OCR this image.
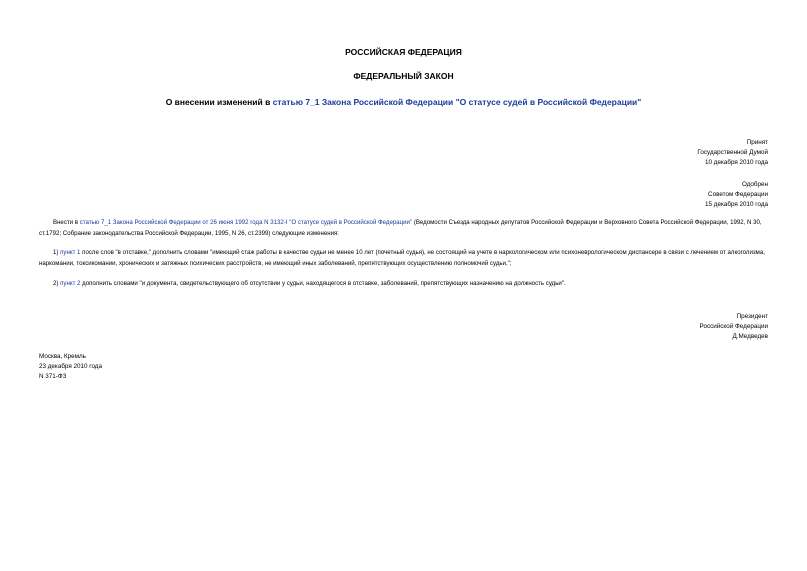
РОССИЙСКАЯ ФЕДЕРАЦИЯ
ФЕДЕРАЛЬНЫЙ ЗАКОН
О внесении изменений в статью 7_1 Закона Российской Федерации "О статусе судей в Российской Федерации"
Принят
Государственной Думой
10 декабря 2010 года
Одобрен
Советом Федерации
15 декабря 2010 года
Внести в статью 7_1 Закона Российской Федерации от 26 июня 1992 года N 3132-I "О статусе судей в Российской Федерации" (Ведомости Съезда народных депутатов Российской Федерации и Верховного Совета Российской Федерации, 1992, N 30, ст.1792; Собрание законодательства Российской Федерации, 1995, N 26, ст.2399) следующие изменения:
1) пункт 1 после слов "в отставке," дополнить словами "имеющий стаж работы в качестве судьи не менее 10 лет (почетный судья), не состоящий на учете в наркологическом или психоневрологическом диспансере в связи с лечением от алкоголизма, наркомании, токсикомании, хронических и затяжных психических расстройств, не имеющий иных заболеваний, препятствующих осуществлению полномочий судьи,";
2) пункт 2 дополнить словами "и документа, свидетельствующего об отсутствии у судьи, находящегося в отставке, заболеваний, препятствующих назначению на должность судьи".
Президент
Российской Федерации
Д.Медведев
Москва, Кремль
23 декабря 2010 года
N 371-ФЗ
